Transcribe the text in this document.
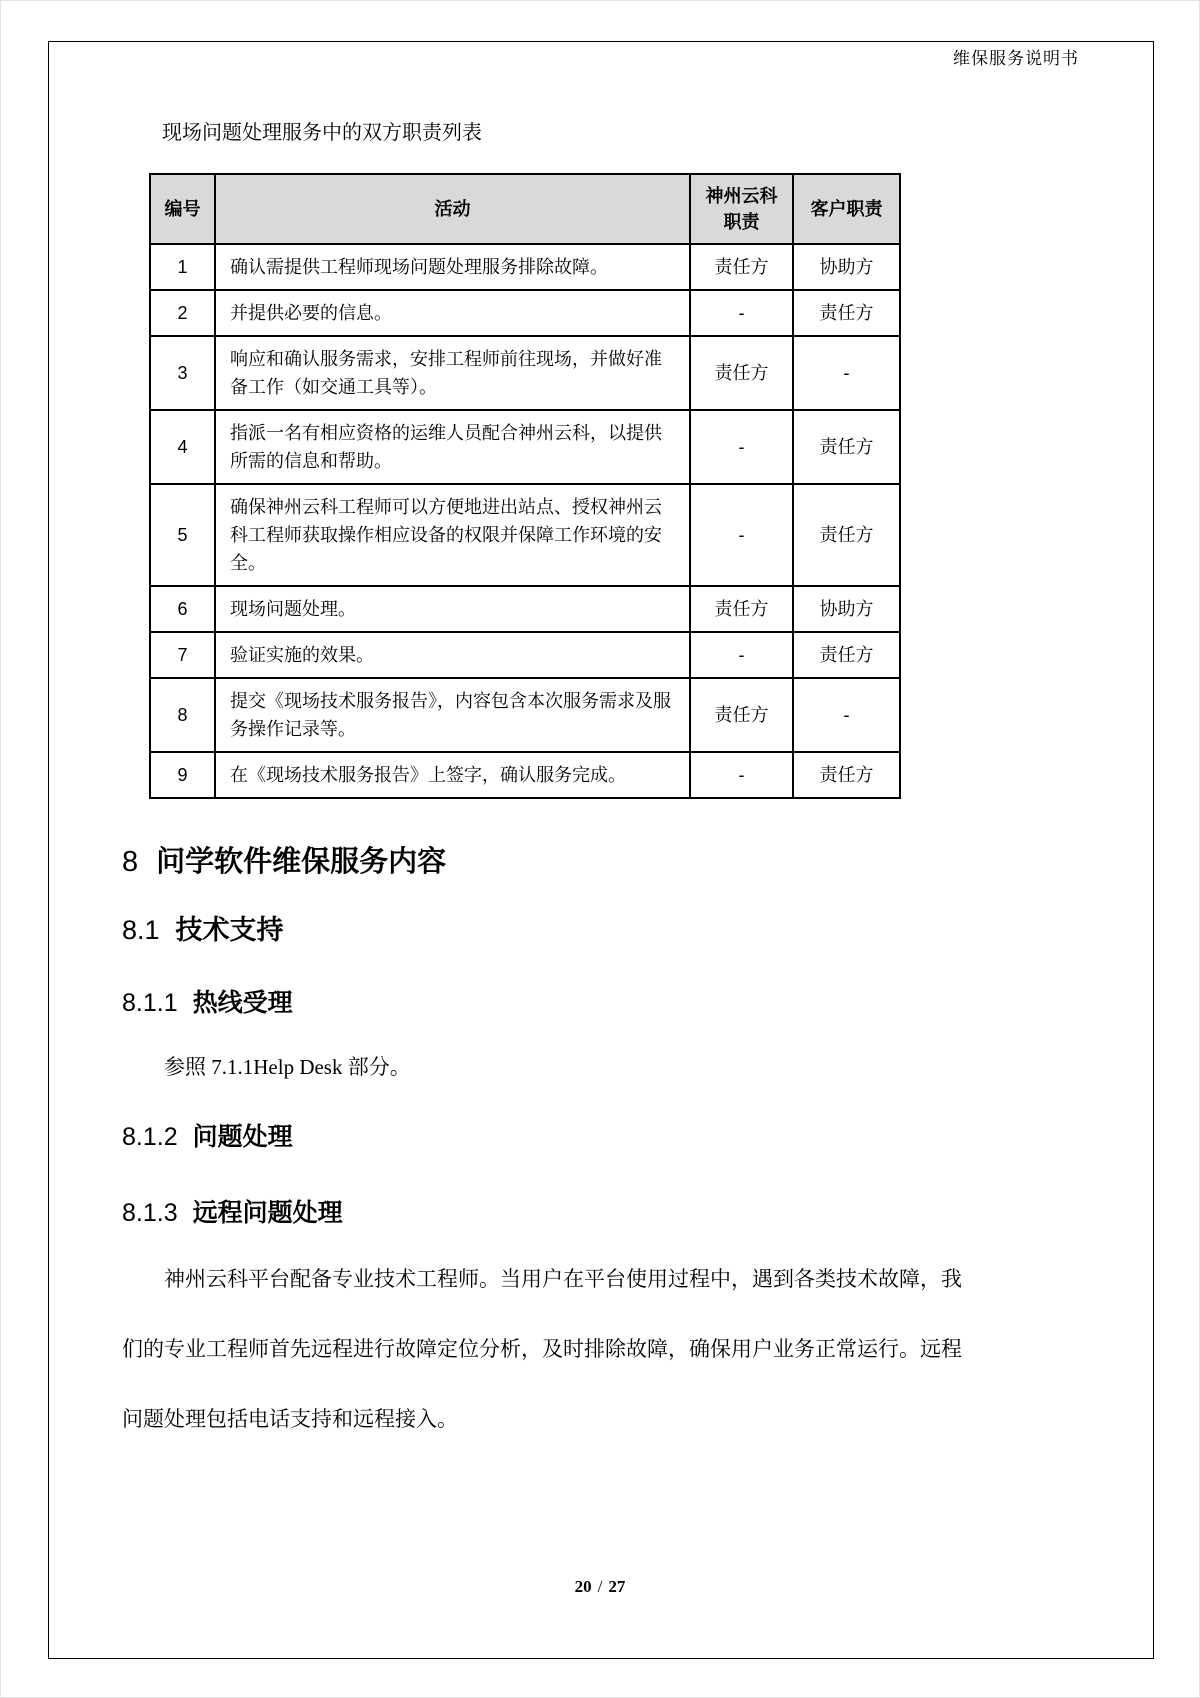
维保服务说明书

现场问题处理服务中的双方职责列表

编号	活动	神州云科职责	客户职责
1	确认需提供工程师现场问题处理服务排除故障。	责任方	协助方
2	并提供必要的信息。	-	责任方
3	响应和确认服务需求，安排工程师前往现场，并做好准备工作（如交通工具等）。	责任方	-
4	指派一名有相应资格的运维人员配合神州云科，以提供所需的信息和帮助。	-	责任方
5	确保神州云科工程师可以方便地进出站点、授权神州云科工程师获取操作相应设备的权限并保障工作环境的安全。	-	责任方
6	现场问题处理。	责任方	协助方
7	验证实施的效果。	-	责任方
8	提交《现场技术服务报告》，内容包含本次服务需求及服务操作记录等。	责任方	-
9	在《现场技术服务报告》上签字，确认服务完成。	-	责任方
8 问学软件维保服务内容
8.1 技术支持
8.1.1 热线受理

参照 7.1.1Help Desk 部分。

8.1.2 问题处理
8.1.3 远程问题处理

神州云科平台配备专业技术工程师。当用户在平台使用过程中，遇到各类技术故障，我们的专业工程师首先远程进行故障定位分析，及时排除故障，确保用户业务正常运行。远程问题处理包括电话支持和远程接入。

20 / 27
